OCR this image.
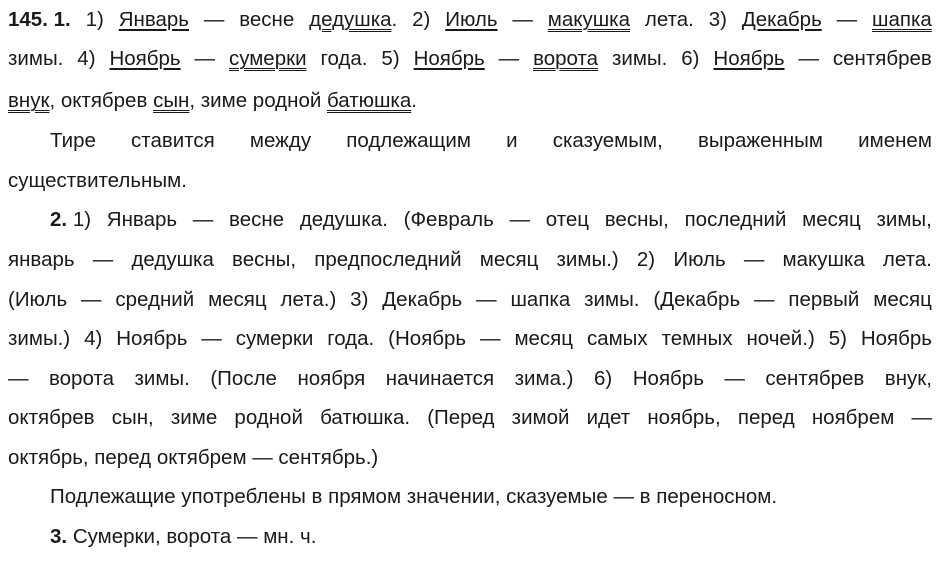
145. 1. 1) Январь — весне дедушка. 2) Июль — макушка лета. 3) Декабрь — шапка
зимы. 4) Ноябрь — сумерки года. 5) Ноябрь — ворота зимы. 6) Ноябрь — сентябрев
внук, октябрев сын, зиме родной батюшка.
Тире ставится между подлежащим и сказуемым, выраженным именем
существительным.
2. 1) Январь — весне дедушка. (Февраль — отец весны, последний месяц зимы,
январь — дедушка весны, предпоследний месяц зимы.) 2) Июль — макушка лета.
(Июль — средний месяц лета.) 3) Декабрь — шапка зимы. (Декабрь — первый месяц
зимы.) 4) Ноябрь — сумерки года. (Ноябрь — месяц самых темных ночей.) 5) Ноябрь
— ворота зимы. (После ноября начинается зима.) 6) Ноябрь — сентябрев внук,
октябрев сын, зиме родной батюшка. (Перед зимой идет ноябрь, перед ноябрем —
октябрь, перед октябрем — сентябрь.)
Подлежащие употреблены в прямом значении, сказуемые — в переносном.
3. Сумерки, ворота — мн. ч.
